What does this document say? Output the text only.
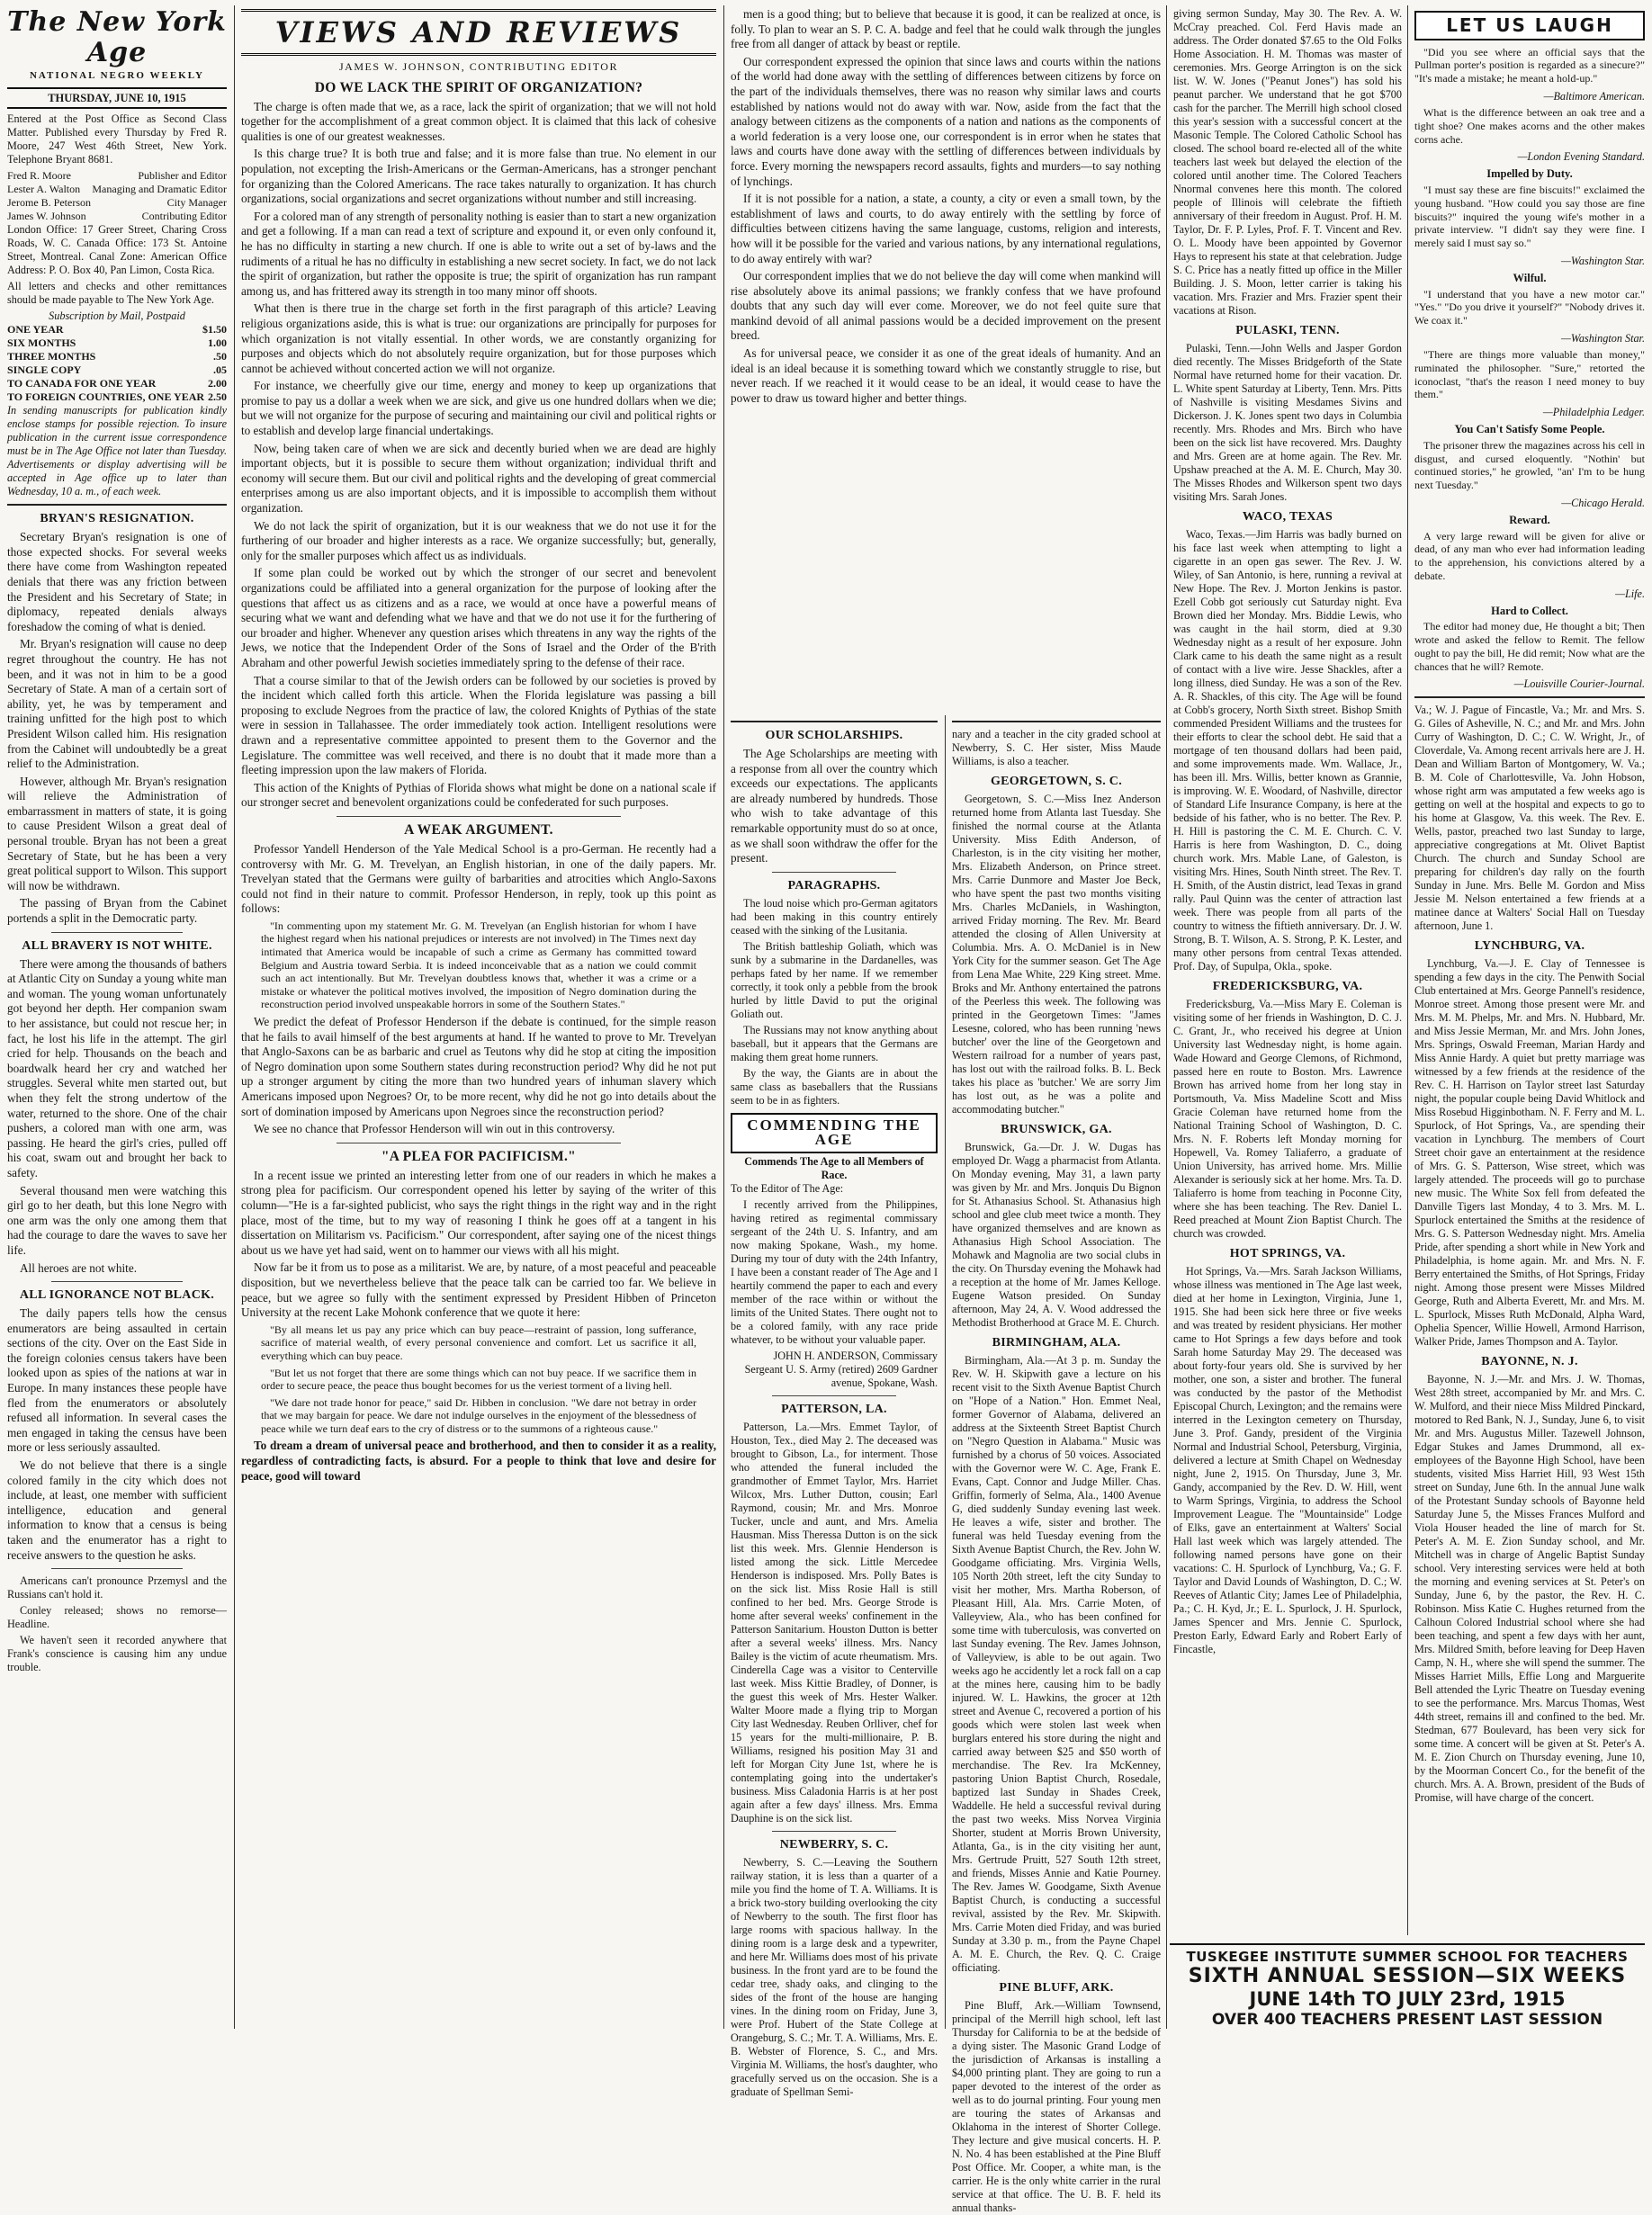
The New York Age
NATIONAL NEGRO WEEKLY
THURSDAY, JUNE 10, 1915

Entered at the Post Office as Second Class Matter. Published every Thursday by Fred R. Moore, 247 West 46th Street, New York. Telephone Bryant 8681.

Fred R. Moore	Publisher and Editor
Lester A. Walton Managing and Dramatic Editor
Jerome B. Peterson	City Manager
James W. Johnson	Contributing Editor

London Office: 17 Greer Street, Charing Cross Roads, W. C. Canada Office: 173 St. Antoine Street, Montreal. Canal Zone: American Office Address: P. O. Box 40, Pan Limon, Costa Rica.

All letters and checks and other remittances should be made payable to The New York Age.

Subscription by Mail, Postpaid
ONE YEAR	$1.50
SIX MONTHS	1.00
THREE MONTHS	.50
SINGLE COPY	.05
TO CANADA FOR ONE YEAR	2.00
TO FOREIGN COUNTRIES, ONE YEAR 2.50

In sending manuscripts for publication kindly enclose stamps for possible rejection. To insure publication in the current issue correspondence must be in The Age Office not later than Tuesday. Advertisements or display advertising will be accepted in Age office up to later than Wednesday, 10 a. m., of each week.

BRYAN'S RESIGNATION.

Secretary Bryan's resignation is one of those expected shocks. For several weeks there have come from Washington repeated denials that there was any friction between the President and his Secretary of State; in diplomacy, repeated denials always foreshadow the coming of what is denied.

Mr. Bryan's resignation will cause no deep regret throughout the country. He has not been, and it was not in him to be a good Secretary of State. A man of a certain sort of ability, yet, he was by temperament and training unfitted for the high post to which President Wilson called him. His resignation from the Cabinet will undoubtedly be a great relief to the Administration.

However, although Mr. Bryan's resignation will relieve the Administration of embarrassment in matters of state, it is going to cause President Wilson a great deal of personal trouble. Bryan has not been a great Secretary of State, but he has been a very great political support to Wilson. This support will now be withdrawn.

The passing of Bryan from the Cabinet portends a split in the Democratic party.

ALL BRAVERY IS NOT WHITE.

There were among the thousands of bathers at Atlantic City on Sunday a young white man and woman. The young woman unfortunately got beyond her depth. Her companion swam to her assistance, but could not rescue her; in fact, he lost his life in the attempt. The girl cried for help. Thousands on the beach and boardwalk heard her cry and watched her struggles. Several white men started out, but when they felt the strong undertow of the water, returned to the shore. One of the chair pushers, a colored man with one arm, was passing. He heard the girl's cries, pulled off his coat, swam out and brought her back to safety.

Several thousand men were watching this girl go to her death, but this lone Negro with one arm was the only one among them that had the courage to dare the waves to save her life.

All heroes are not white.

ALL IGNORANCE NOT BLACK.

The daily papers tells how the census enumerators are being assaulted in certain sections of the city. Over on the East Side in the foreign colonies census takers have been looked upon as spies of the nations at war in Europe. In many instances these people have fled from the enumerators or absolutely refused all information. In several cases the men engaged in taking the census have been more or less seriously assaulted.

We do not believe that there is a single colored family in the city which does not include, at least, one member with sufficient intelligence, education and general information to know that a census is being taken and the enumerator has a right to receive answers to the question he asks.

Americans can't pronounce Przemysl and the Russians can't hold it.

Conley released; shows no remorse—Headline.

We haven't seen it recorded anywhere that Frank's conscience is causing him any undue trouble.

VIEWS AND REVIEWS
JAMES W. JOHNSON, CONTRIBUTING EDITOR
DO WE LACK THE SPIRIT OF ORGANIZATION?

The charge is often made that we, as a race, lack the spirit of organization; that we will not hold together for the accomplishment of a great common object. It is claimed that this lack of cohesive qualities is one of our greatest weaknesses.

Is this charge true? It is both true and false; and it is more false than true. No element in our population, not excepting the Irish-Americans or the German-Americans, has a stronger penchant for organizing than the Colored Americans. The race takes naturally to organization. It has church organizations, social organizations and secret organizations without number and still increasing.

For a colored man of any strength of personality nothing is easier than to start a new organization and get a following. If a man can read a text of scripture and expound it, or even only confound it, he has no difficulty in starting a new church. If one is able to write out a set of by-laws and the rudiments of a ritual he has no difficulty in establishing a new secret society. In fact, we do not lack the spirit of organization, but rather the opposite is true; the spirit of organization has run rampant among us, and has frittered away its strength in too many minor off shoots.

What then is there true in the charge set forth in the first paragraph of this article? Leaving religious organizations aside, this is what is true: our organizations are principally for purposes for which organization is not vitally essential. In other words, we are constantly organizing for purposes and objects which do not absolutely require organization, but for those purposes which cannot be achieved without concerted action we will not organize.

For instance, we cheerfully give our time, energy and money to keep up organizations that promise to pay us a dollar a week when we are sick, and give us one hundred dollars when we die; but we will not organize for the purpose of securing and maintaining our civil and political rights or to establish and develop large financial undertakings.

Now, being taken care of when we are sick and decently buried when we are dead are highly important objects, but it is possible to secure them without organization; individual thrift and economy will secure them. But our civil and political rights and the developing of great commercial enterprises among us are also important objects, and it is impossible to accomplish them without organization.

We do not lack the spirit of organization, but it is our weakness that we do not use it for the furthering of our broader and higher interests as a race. We organize successfully; but, generally, only for the smaller purposes which affect us as individuals.

If some plan could be worked out by which the stronger of our secret and benevolent organizations could be affiliated into a general organization for the purpose of looking after the questions that affect us as citizens and as a race, we would at once have a powerful means of securing what we want and defending what we have and that we do not use it for the furthering of our broader and higher. Whenever any question arises which threatens in any way the rights of the Jews, we notice that the Independent Order of the Sons of Israel and the Order of the B'rith Abraham and other powerful Jewish societies immediately spring to the defense of their race.

That a course similar to that of the Jewish orders can be followed by our societies is proved by the incident which called forth this article. When the Florida legislature was passing a bill proposing to exclude Negroes from the practice of law, the colored Knights of Pythias of the state were in session in Tallahassee. The order immediately took action. Intelligent resolutions were drawn and a representative committee appointed to present them to the Governor and the Legislature. The committee was well received, and there is no doubt that it made more than a fleeting impression upon the law makers of Florida.

This action of the Knights of Pythias of Florida shows what might be done on a national scale if our stronger secret and benevolent organizations could be confederated for such purposes.

A WEAK ARGUMENT.

Professor Yandell Henderson of the Yale Medical School is a pro-German. He recently had a controversy with Mr. G. M. Trevelyan, an English historian, in one of the daily papers. Mr. Trevelyan stated that the Germans were guilty of barbarities and atrocities which Anglo-Saxons could not find in their nature to commit. Professor Henderson, in reply, took up this point as follows:

"In commenting upon my statement Mr. G. M. Trevelyan (an English historian for whom I have the highest regard when his national prejudices or interests are not involved) in The Times next day intimated that America would be incapable of such a crime as Germany has committed toward Belgium and Austria toward Serbia. It is indeed inconceivable that as a nation we could commit such an act intentionally. But Mr. Trevelyan doubtless knows that, whether it was a crime or a mistake or whatever the political motives involved, the imposition of Negro domination during the reconstruction period involved unspeakable horrors in some of the Southern States."

We predict the defeat of Professor Henderson if the debate is continued, for the simple reason that he fails to avail himself of the best arguments at hand. If he wanted to prove to Mr. Trevelyan that Anglo-Saxons can be as barbaric and cruel as Teutons why did he stop at citing the imposition of Negro domination upon some Southern states during reconstruction period? Why did he not put up a stronger argument by citing the more than two hundred years of inhuman slavery which Americans imposed upon Negroes? Or, to be more recent, why did he not go into details about the sort of domination imposed by Americans upon Negroes since the reconstruction period?

We see no chance that Professor Henderson will win out in this controversy.

"A PLEA FOR PACIFICISM."

In a recent issue we printed an interesting letter from one of our readers in which he makes a strong plea for pacificism. Our correspondent opened his letter by saying of the writer of this column—"He is a far-sighted publicist, who says the right things in the right way and in the right place, most of the time, but to my way of reasoning I think he goes off at a tangent in his dissertation on Militarism vs. Pacificism." Our correspondent, after saying one of the nicest things about us we have yet had said, went on to hammer our views with all his might.

Now far be it from us to pose as a militarist. We are, by nature, of a most peaceful and peaceable disposition, but we nevertheless believe that the peace talk can be carried too far. We believe in peace, but we agree so fully with the sentiment expressed by President Hibben of Princeton University at the recent Lake Mohonk conference that we quote it here:

"By all means let us pay any price which can buy peace—restraint of passion, long sufferance, sacrifice of material wealth, of every personal convenience and comfort. Let us sacrifice it all, everything which can buy peace.

"But let us not forget that there are some things which can not buy peace. If we sacrifice them in order to secure peace, the peace thus bought becomes for us the veriest torment of a living hell.

"We dare not trade honor for peace," said Dr. Hibben in conclusion. "We dare not betray in order that we may bargain for peace. We dare not indulge ourselves in the enjoyment of the blessedness of peace while we turn deaf ears to the cry of distress or to the summons of a righteous cause."

To dream a dream of universal peace and brotherhood, and then to consider it as a reality, regardless of contradicting facts, is absurd. For a people to think that love and desire for peace, good will toward

men is a good thing; but to believe that because it is good, it can be realized at once, is folly. To plan to wear an S. P. C. A. badge and feel that he could walk through the jungles free from all danger of attack by beast or reptile.

Our correspondent expressed the opinion that since laws and courts within the nations of the world had done away with the settling of differences between citizens by force on the part of the individuals themselves, there was no reason why similar laws and courts established by nations would not do away with war. Now, aside from the fact that the analogy between citizens as the components of a nation and nations as the components of a world federation is a very loose one, our correspondent is in error when he states that laws and courts have done away with the settling of differences between individuals by force. Every morning the newspapers record assaults, fights and murders—to say nothing of lynchings.

If it is not possible for a nation, a state, a county, a city or even a small town, by the establishment of laws and courts, to do away entirely with the settling by force of difficulties between citizens having the same language, customs, religion and interests, how will it be possible for the varied and various nations, by any international regulations, to do away entirely with war?

Our correspondent implies that we do not believe the day will come when mankind will rise absolutely above its animal passions; we frankly confess that we have profound doubts that any such day will ever come. Moreover, we do not feel quite sure that mankind devoid of all animal passions would be a decided improvement on the present breed.

As for universal peace, we consider it as one of the great ideals of humanity. And an ideal is an ideal because it is something toward which we constantly struggle to rise, but never reach. If we reached it it would cease to be an ideal, it would cease to have the power to draw us toward higher and better things.

OUR SCHOLARSHIPS.

The Age Scholarships are meeting with a response from all over the country which exceeds our expectations. The applicants are already numbered by hundreds. Those who wish to take advantage of this remarkable opportunity must do so at once, as we shall soon withdraw the offer for the present.

PARAGRAPHS.

The loud noise which pro-German agitators had been making in this country entirely ceased with the sinking of the Lusitania.

The British battleship Goliath, which was sunk by a submarine in the Dardanelles, was perhaps fated by her name. If we remember correctly, it took only a pebble from the brook hurled by little David to put the original Goliath out.

The Russians may not know anything about baseball, but it appears that the Germans are making them great home runners.

By the way, the Giants are in about the same class as baseballers that the Russians seem to be in as fighters.

COMMENDING THE AGE
Commends The Age to all Members of Race.

To the Editor of The Age:

I recently arrived from the Philippines, having retired as regimental commissary sergeant of the 24th U. S. Infantry, and am now making Spokane, Wash., my home. During my tour of duty with the 24th Infantry, I have been a constant reader of The Age and I heartily commend the paper to each and every member of the race within or without the limits of the United States. There ought not to be a colored family, with any race pride whatever, to be without your valuable paper.

JOHN H. ANDERSON, Commissary Sergeant U. S. Army (retired) 2609 Gardner avenue, Spokane, Wash.

PATTERSON, LA.

Patterson, La.—Mrs. Emmet Taylor, of Houston, Tex., died May 2. The deceased was brought to Gibson, La., for interment. Those who attended the funeral included the grandmother of Emmet Taylor, Mrs. Harriet Wilcox, Mrs. Luther Dutton, cousin; Earl Raymond, cousin; Mr. and Mrs. Monroe Tucker, uncle and aunt, and Mrs. Amelia Hausman. Miss Theressa Dutton is on the sick list this week. Mrs. Glennie Henderson is listed among the sick. Little Mercedee Henderson is indisposed. Mrs. Polly Bates is on the sick list. Miss Rosie Hall is still confined to her bed. Mrs. George Strode is home after several weeks' confinement in the Patterson Sanitarium. Houston Dutton is better after a several weeks' illness. Mrs. Nancy Bailey is the victim of acute rheumatism. Mrs. Cinderella Cage was a visitor to Centerville last week. Miss Kittie Bradley, of Donner, is the guest this week of Mrs. Hester Walker. Walter Moore made a flying trip to Morgan City last Wednesday. Reuben Orlliver, chef for 15 years for the multi-millionaire, P. B. Williams, resigned his position May 31 and left for Morgan City June 1st, where he is contemplating going into the undertaker's business. Miss Caladonia Harris is at her post again after a few days' illness. Mrs. Emma Dauphine is on the sick list.

NEWBERRY, S. C.

Newberry, S. C.—Leaving the Southern railway station, it is less than a quarter of a mile you find the home of T. A. Williams. It is a brick two-story building overlooking the city of Newberry to the south. The first floor has large rooms with spacious hallway. In the dining room is a large desk and a typewriter, and here Mr. Williams does most of his private business. In the front yard are to be found the cedar tree, shady oaks, and clinging to the sides of the front of the house are hanging vines. In the dining room on Friday, June 3, were Prof. Hubert of the State College at Orangeburg, S. C.; Mr. T. A. Williams, Mrs. E. B. Webster of Florence, S. C., and Mrs. Virginia M. Williams, the host's daughter, who gracefully served us on the occasion. She is a graduate of Spellman Semi-

nary and a teacher in the city graded school at Newberry, S. C. Her sister, Miss Maude Williams, is also a teacher.

GEORGETOWN, S. C.

Georgetown, S. C.—Miss Inez Anderson returned home from Atlanta last Tuesday. She finished the normal course at the Atlanta University. Miss Edith Anderson, of Charleston, is in the city visiting her mother, Mrs. Elizabeth Anderson, on Prince street. Mrs. Carrie Dunmore and Master Joe Beck, who have spent the past two months visiting Mrs. Charles McDaniels, in Washington, arrived Friday morning. The Rev. Mr. Beard attended the closing of Allen University at Columbia. Mrs. A. O. McDaniel is in New York City for the summer season. Get The Age from Lena Mae White, 229 King street. Mme. Broks and Mr. Anthony entertained the patrons of the Peerless this week. The following was printed in the Georgetown Times: "James Lesesne, colored, who has been running 'news butcher' over the line of the Georgetown and Western railroad for a number of years past, has lost out with the railroad folks. B. L. Beck takes his place as 'butcher.' We are sorry Jim has lost out, as he was a polite and accommodating butcher."

BRUNSWICK, GA.

Brunswick, Ga.—Dr. J. W. Dugas has employed Dr. Wagg a pharmacist from Atlanta. On Monday evening, May 31, a lawn party was given by Mr. and Mrs. Jonquis Du Bignon for St. Athanasius School. St. Athanasius high school and glee club meet twice a month. They have organized themselves and are known as Athanasius High School Association. The Mohawk and Magnolia are two social clubs in the city. On Thursday evening the Mohawk had a reception at the home of Mr. James Kelloge. Eugene Watson presided. On Sunday afternoon, May 24, A. V. Wood addressed the Methodist Brotherhood at Grace M. E. Church.

BIRMINGHAM, ALA.

Birmingham, Ala.—At 3 p. m. Sunday the Rev. W. H. Skipwith gave a lecture on his recent visit to the Sixth Avenue Baptist Church on "Hope of a Nation." Hon. Emmet Neal, former Governor of Alabama, delivered an address at the Sixteenth Street Baptist Church on "Negro Question in Alabama." Music was furnished by a chorus of 50 voices. Associated with the Governor were W. C. Age, Frank E. Evans, Capt. Connor and Judge Miller. Chas. Griffin, formerly of Selma, Ala., 1400 Avenue G, died suddenly Sunday evening last week. He leaves a wife, sister and brother. The funeral was held Tuesday evening from the Sixth Avenue Baptist Church, the Rev. John W. Goodgame officiating. Mrs. Virginia Wells, 105 North 20th street, left the city Sunday to visit her mother, Mrs. Martha Roberson, of Pleasant Hill, Ala. Mrs. Carrie Moten, of Valleyview, Ala., who has been confined for some time with tuberculosis, was converted on last Sunday evening. The Rev. James Johnson, of Valleyview, is able to be out again. Two weeks ago he accidently let a rock fall on a cap at the mines here, causing him to be badly injured. W. L. Hawkins, the grocer at 12th street and Avenue C, recovered a portion of his goods which were stolen last week when burglars entered his store during the night and carried away between $25 and $50 worth of merchandise. The Rev. Ira McKenney, pastoring Union Baptist Church, Rosedale, baptized last Sunday in Shades Creek, Waddelle. He held a successful revival during the past two weeks. Miss Norvea Virginia Shorter, student at Morris Brown University, Atlanta, Ga., is in the city visiting her aunt, Mrs. Gertrude Pruitt, 527 South 12th street, and friends, Misses Annie and Katie Pourney. The Rev. James W. Goodgame, Sixth Avenue Baptist Church, is conducting a successful revival, assisted by the Rev. Mr. Skipwith. Mrs. Carrie Moten died Friday, and was buried Sunday at 3.30 p. m., from the Payne Chapel A. M. E. Church, the Rev. Q. C. Craige officiating.

PINE BLUFF, ARK.

Pine Bluff, Ark.—William Townsend, principal of the Merrill high school, left last Thursday for California to be at the bedside of a dying sister. The Masonic Grand Lodge of the jurisdiction of Arkansas is installing a $4,000 printing plant. They are going to run a paper devoted to the interest of the order as well as to do journal printing. Four young men are touring the states of Arkansas and Oklahoma in the interest of Shorter College. They lecture and give musical concerts. H. P. N. No. 4 has been established at the Pine Bluff Post Office. Mr. Cooper, a white man, is the carrier. He is the only white carrier in the rural service at that office. The U. B. F. held its annual thanks-

giving sermon Sunday, May 30. The Rev. A. W. McCray preached. Col. Ferd Havis made an address. The Order donated $7.65 to the Old Folks Home Association. H. M. Thomas was master of ceremonies. Mrs. George Arrington is on the sick list. W. W. Jones ("Peanut Jones") has sold his peanut parcher. We understand that he got $700 cash for the parcher. The Merrill high school closed this year's session with a successful concert at the Masonic Temple. The Colored Catholic School has closed. The school board re-elected all of the white teachers last week but delayed the election of the colored until another time. The Colored Teachers Nnormal convenes here this month. The colored people of Illinois will celebrate the fiftieth anniversary of their freedom in August. Prof. H. M. Taylor, Dr. F. P. Lyles, Prof. F. T. Vincent and Rev. O. L. Moody have been appointed by Governor Hays to represent his state at that celebration. Judge S. C. Price has a neatly fitted up office in the Miller Building. J. S. Moon, letter carrier is taking his vacation. Mrs. Frazier and Mrs. Frazier spent their vacations at Rison.

PULASKI, TENN.

Pulaski, Tenn.—John Wells and Jasper Gordon died recently. The Misses Bridgeforth of the State Normal have returned home for their vacation. Dr. L. White spent Saturday at Liberty, Tenn. Mrs. Pitts of Nashville is visiting Mesdames Sivins and Dickerson. J. K. Jones spent two days in Columbia recently. Mrs. Rhodes and Mrs. Birch who have been on the sick list have recovered. Mrs. Daughty and Mrs. Green are at home again. The Rev. Mr. Upshaw preached at the A. M. E. Church, May 30. The Misses Rhodes and Wilkerson spent two days visiting Mrs. Sarah Jones.

WACO, TEXAS

Waco, Texas.—Jim Harris was badly burned on his face last week when attempting to light a cigarette in an open gas sewer. The Rev. J. W. Wiley, of San Antonio, is here, running a revival at New Hope. The Rev. J. Morton Jenkins is pastor. Ezell Cobb got seriously cut Saturday night. Eva Brown died her Monday. Mrs. Biddie Lewis, who was caught in the hail storm, died at 9.30 Wednesday night as a result of her exposure. John Clark came to his death the same night as a result of contact with a live wire. Jesse Shackles, after a long illness, died Sunday. He was a son of the Rev. A. R. Shackles, of this city. The Age will be found at Cobb's grocery, North Sixth street. Bishop Smith commended President Williams and the trustees for their efforts to clear the school debt. He said that a mortgage of ten thousand dollars had been paid, and some improvements made. Wm. Wallace, Jr., has been ill. Mrs. Willis, better known as Grannie, is improving. W. E. Woodard, of Nashville, director of Standard Life Insurance Company, is here at the bedside of his father, who is no better. The Rev. P. H. Hill is pastoring the C. M. E. Church. C. V. Harris is here from Washington, D. C., doing church work. Mrs. Mable Lane, of Galeston, is visiting Mrs. Hines, South Ninth street. The Rev. T. H. Smith, of the Austin district, lead Texas in grand rally. Paul Quinn was the center of attraction last week. There was people from all parts of the country to witness the fiftieth anniversary. Dr. J. W. Strong, B. T. Wilson, A. S. Strong, P. K. Lester, and many other persons from central Texas attended. Prof. Day, of Supulpa, Okla., spoke.

FREDERICKSBURG, VA.

Fredericksburg, Va.—Miss Mary E. Coleman is visiting some of her friends in Washington, D. C. J. C. Grant, Jr., who received his degree at Union University last Wednesday night, is home again. Wade Howard and George Clemons, of Richmond, passed here en route to Boston. Mrs. Lawrence Brown has arrived home from her long stay in Portsmouth, Va. Miss Madeline Scott and Miss Gracie Coleman have returned home from the National Training School of Washington, D. C. Mrs. N. F. Roberts left Monday morning for Hopewell, Va. Romey Taliaferro, a graduate of Union University, has arrived home. Mrs. Millie Alexander is seriously sick at her home. Mrs. Ta. D. Taliaferro is home from teaching in Poconne City, where she has been teaching. The Rev. Daniel L. Reed preached at Mount Zion Baptist Church. The church was crowded.

HOT SPRINGS, VA.

Hot Springs, Va.—Mrs. Sarah Jackson Williams, whose illness was mentioned in The Age last week, died at her home in Lexington, Virginia, June 1, 1915. She had been sick here three or five weeks and was treated by resident physicians. Her mother came to Hot Springs a few days before and took Sarah home Saturday May 29. The deceased was about forty-four years old. She is survived by her mother, one son, a sister and brother. The funeral was conducted by the pastor of the Methodist Episcopal Church, Lexington; and the remains were interred in the Lexington cemetery on Thursday, June 3. Prof. Gandy, president of the Virginia Normal and Industrial School, Petersburg, Virginia, delivered a lecture at Smith Chapel on Wednesday night, June 2, 1915. On Thursday, June 3, Mr. Gandy, accompanied by the Rev. D. W. Hill, went to Warm Springs, Virginia, to address the School Improvement League. The "Mountainside" Lodge of Elks, gave an entertainment at Walters' Social Hall last week which was largely attended. The following named persons have gone on their vacations: C. H. Spurlock of Lynchburg, Va.; G. F. Taylor and David Lounds of Washington, D. C.; W. Reeves of Atlantic City; James Lee of Philadelphia, Pa.; C. H. Kyd, Jr.; E. L. Spurlock, J. H. Spurlock, James Spencer and Mrs. Jennie C. Spurlock, Preston Early, Edward Early and Robert Early of Fincastle,

LET US LAUGH

"Did you see where an official says that the Pullman porter's position is regarded as a sinecure?" "It's made a mistake; he meant a hold-up."

—Baltimore American.

What is the difference between an oak tree and a tight shoe? One makes acorns and the other makes corns ache.

—London Evening Standard.
Impelled by Duty.

"I must say these are fine biscuits!" exclaimed the young husband. "How could you say those are fine biscuits?" inquired the young wife's mother in a private interview. "I didn't say they were fine. I merely said I must say so."

—Washington Star.
Wilful.

"I understand that you have a new motor car." "Yes." "Do you drive it yourself?" "Nobody drives it. We coax it."

—Washington Star.

"There are things more valuable than money," ruminated the philosopher. "Sure," retorted the iconoclast, "that's the reason I need money to buy them."

—Philadelphia Ledger.
You Can't Satisfy Some People.

The prisoner threw the magazines across his cell in disgust, and cursed eloquently. "Nothin' but continued stories," he growled, "an' I'm to be hung next Tuesday."

—Chicago Herald.
Reward.

A very large reward will be given for alive or dead, of any man who ever had information leading to the apprehension, his convictions altered by a debate.

—Life.
Hard to Collect.

The editor had money due, He thought a bit; Then wrote and asked the fellow to Remit. The fellow ought to pay the bill, He did remit; Now what are the chances that he will? Remote.

—Louisville Courier-Journal.

Va.; W. J. Pague of Fincastle, Va.; Mr. and Mrs. S. G. Giles of Asheville, N. C.; and Mr. and Mrs. John Curry of Washington, D. C.; C. W. Wright, Jr., of Cloverdale, Va. Among recent arrivals here are J. H. Dean and William Barton of Montgomery, W. Va.; B. M. Cole of Charlottesville, Va. John Hobson, whose right arm was amputated a few weeks ago is getting on well at the hospital and expects to go to his home at Glasgow, Va. this week. The Rev. E. Wells, pastor, preached two last Sunday to large, appreciative congregations at Mt. Olivet Baptist Church. The church and Sunday School are preparing for children's day rally on the fourth Sunday in June. Mrs. Belle M. Gordon and Miss Jessie M. Nelson entertained a few friends at a matinee dance at Walters' Social Hall on Tuesday afternoon, June 1.

LYNCHBURG, VA.

Lynchburg, Va.—J. E. Clay of Tennessee is spending a few days in the city. The Penwith Social Club entertained at Mrs. George Pannell's residence, Monroe street. Among those present were Mr. and Mrs. M. M. Phelps, Mr. and Mrs. N. Hubbard, Mr. and Miss Jessie Merman, Mr. and Mrs. John Jones, Mrs. Springs, Oswald Freeman, Marian Hardy and Miss Annie Hardy. A quiet but pretty marriage was witnessed by a few friends at the residence of the Rev. C. H. Harrison on Taylor street last Saturday night, the popular couple being David Whitlock and Miss Rosebud Higginbotham. N. F. Ferry and M. L. Spurlock, of Hot Springs, Va., are spending their vacation in Lynchburg. The members of Court Street choir gave an entertainment at the residence of Mrs. G. S. Patterson, Wise street, which was largely attended. The proceeds will go to purchase new music. The White Sox fell from defeated the Danville Tigers last Monday, 4 to 3. Mrs. M. L. Spurlock entertained the Smiths at the residence of Mrs. G. S. Patterson Wednesday night. Mrs. Amelia Pride, after spending a short while in New York and Philadelphia, is home again. Mr. and Mrs. N. F. Berry entertained the Smiths, of Hot Springs, Friday night. Among those present were Misses Mildred George, Ruth and Alberta Everett, Mr. and Mrs. M. L. Spurlock, Misses Ruth McDonald, Alpha Ward, Ophelia Spencer, Willie Howell, Armond Harrison, Walker Pride, James Thompson and A. Taylor.

BAYONNE, N. J.

Bayonne, N. J.—Mr. and Mrs. J. W. Thomas, West 28th street, accompanied by Mr. and Mrs. C. W. Mulford, and their niece Miss Mildred Pinckard, motored to Red Bank, N. J., Sunday, June 6, to visit Mr. and Mrs. Augustus Miller. Tazewell Johnson, Edgar Stukes and James Drummond, all ex-employees of the Bayonne High School, have been students, visited Miss Harriet Hill, 93 West 15th street on Sunday, June 6th. In the annual June walk of the Protestant Sunday schools of Bayonne held Saturday June 5, the Misses Frances Mulford and Viola Houser headed the line of march for St. Peter's A. M. E. Zion Sunday school, and Mr. Mitchell was in charge of Angelic Baptist Sunday school. Very interesting services were held at both the morning and evening services at St. Peter's on Sunday, June 6, by the pastor, the Rev. H. C. Robinson. Miss Katie C. Hughes returned from the Calhoun Colored Industrial school where she had been teaching, and spent a few days with her aunt, Mrs. Mildred Smith, before leaving for Deep Haven Camp, N. H., where she will spend the summer. The Misses Harriet Mills, Effie Long and Marguerite Bell attended the Lyric Theatre on Tuesday evening to see the performance. Mrs. Marcus Thomas, West 44th street, remains ill and confined to the bed. Mr. Stedman, 677 Boulevard, has been very sick for some time. A concert will be given at St. Peter's A. M. E. Zion Church on Thursday evening, June 10, by the Moorman Concert Co., for the benefit of the church. Mrs. A. A. Brown, president of the Buds of Promise, will have charge of the concert.

TUSKEGEE INSTITUTE SUMMER SCHOOL FOR TEACHERS
SIXTH ANNUAL SESSION—SIX WEEKS
JUNE 14th TO JULY 23rd, 1915
OVER 400 TEACHERS PRESENT LAST SESSION
